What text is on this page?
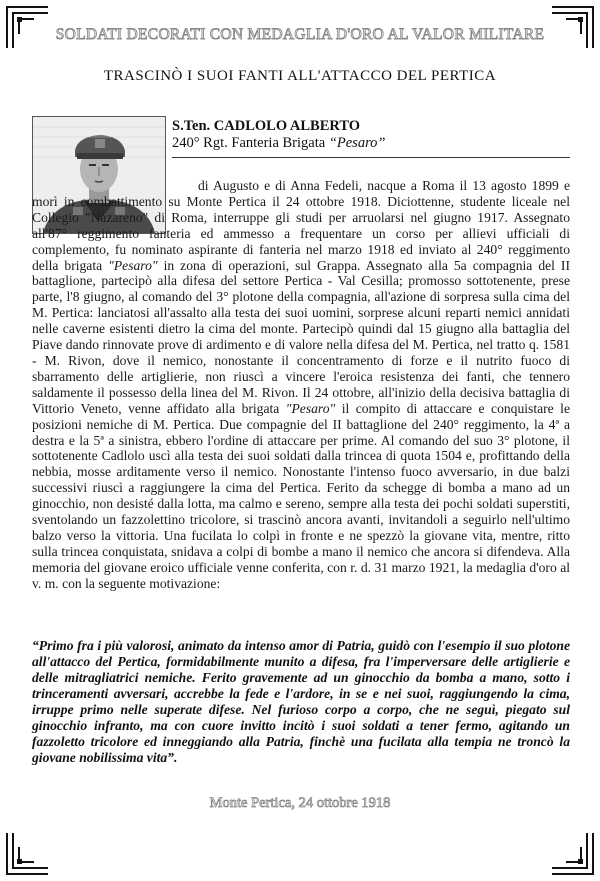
SOLDATI DECORATI CON MEDAGLIA D'ORO AL VALOR MILITARE
TRASCINÒ I SUOI FANTI ALL'ATTACCO DEL PERTICA
S.Ten. CADLOLO ALBERTO
240° Rgt. Fanteria Brigata “Pesaro”

di Augusto e di Anna Fedeli, nacque a Roma il 13 agosto 1899 e morì in combattimento su Monte Pertica il 24 ottobre 1918. Diciottenne, studente liceale nel Collegio "Nazareno" di Roma, interruppe gli studi per arruolarsi nel giugno 1917. Assegnato all'87° reggimento fanteria ed ammesso a frequentare un corso per allievi ufficiali di complemento, fu nominato aspirante di fanteria nel marzo 1918 ed inviato al 240° reggimento della brigata "Pesaro" in zona di operazioni, sul Grappa. Assegnato alla 5a compagnia del II battaglione, partecipò alla difesa del settore Pertica - Val Cesilla; promosso sottotenente, prese parte, l'8 giugno, al comando del 3° plotone della compagnia, all'azione di sorpresa sulla cima del M. Pertica: lanciatosi all'assalto alla testa dei suoi uomini, sorprese alcuni reparti nemici annidati nelle caverne esistenti dietro la cima del monte. Partecipò quindi dal 15 giugno alla battaglia del Piave dando rinnovate prove di ardimento e di valore nella difesa del M. Pertica, nel tratto q. 1581 - M. Rivon, dove il nemico, nonostante il concentramento di forze e il nutrito fuoco di sbarramento delle artiglierie, non riuscì a vincere l'eroica resistenza dei fanti, che tennero saldamente il possesso della linea del M. Rivon. Il 24 ottobre, all'inizio della decisiva battaglia di Vittorio Veneto, venne affidato alla brigata "Pesaro" il compito di attaccare e conquistare le posizioni nemiche di M. Pertica. Due compagnie del II battaglione del 240° reggimento, la 4ª a destra e la 5ª a sinistra, ebbero l'ordine di attaccare per prime. Al comando del suo 3° plotone, il sottotenente Cadlolo uscì alla testa dei suoi soldati dalla trincea di quota 1504 e, profittando della nebbia, mosse arditamente verso il nemico. Nonostante l'intenso fuoco avversario, in due balzi successivi riuscì a raggiungere la cima del Pertica. Ferito da schegge di bomba a mano ad un ginocchio, non desisté dalla lotta, ma calmo e sereno, sempre alla testa dei pochi soldati superstiti, sventolando un fazzolettino tricolore, si trascinò ancora avanti, invitandoli a seguirlo nell'ultimo balzo verso la vittoria. Una fucilata lo colpì in fronte e ne spezzò la giovane vita, mentre, ritto sulla trincea conquistata, snidava a colpi di bombe a mano il nemico che ancora si difendeva. Alla memoria del giovane eroico ufficiale venne conferita, con r. d. 31 marzo 1921, la medaglia d'oro al v. m. con la seguente motivazione:

“Primo fra i più valorosi, animato da intenso amor di Patria, guidò con l'esempio il suo plotone all'attacco del Pertica, formidabilmente munito a difesa, fra l'imperversare delle artiglierie e delle mitragliatrici nemiche. Ferito gravemente ad un ginocchio da bomba a mano, sotto i trinceramenti avversari, accrebbe la fede e l'ardore, in se e nei suoi, raggiungendo la cima, irruppe primo nelle superate difese. Nel furioso corpo a corpo, che ne seguì, piegato sul ginocchio infranto, ma con cuore invitto incitò i suoi soldati a tener fermo, agitando un fazzoletto tricolore ed inneggiando alla Patria, finchè una fucilata alla tempia ne troncò la giovane nobilissima vita”.
Monte Pertica, 24 ottobre 1918
